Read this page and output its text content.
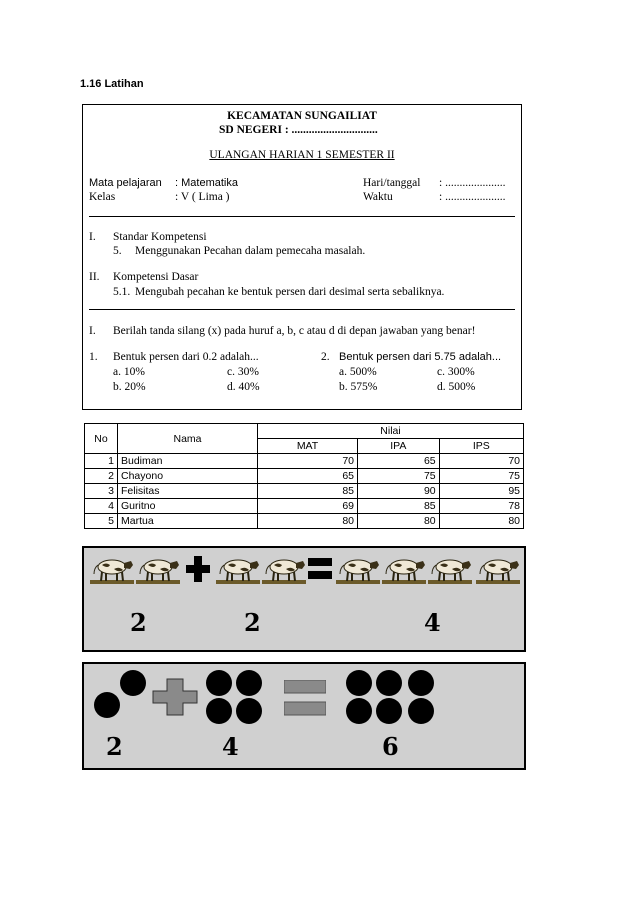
1.16 Latihan
KECAMATAN SUNGAILIAT
SD NEGERI : ..............................
ULANGAN HARIAN 1 SEMESTER II
Mata pelajaran : Matematika	Hari/tanggal : .....................
Kelas	: V ( Lima )	Waktu	: .....................
I. Standar Kompetensi
5. Menggunakan Pecahan dalam pemecaha masalah.
II. Kompetensi Dasar
5.1. Mengubah pecahan ke bentuk persen dari desimal serta sebaliknya.
I. Berilah tanda silang (x) pada huruf a, b, c atau d di depan jawaban yang benar!
1. Bentuk persen dari 0.2 adalah...
a. 10%
b. 20%
c. 30%
d. 40%
2. Bentuk persen dari 5.75 adalah...
a. 500%
b. 575%
c. 300%
d. 500%
No	Nama	Nilai		
		MAT	IPA	IPS
1	Budiman	70	65	70
2	Chayono	65	75	75
3	Felisitas	85	90	95
4	Guritno	69	85	78
5	Martua	80	80	80
2	2	4
2	4	6
